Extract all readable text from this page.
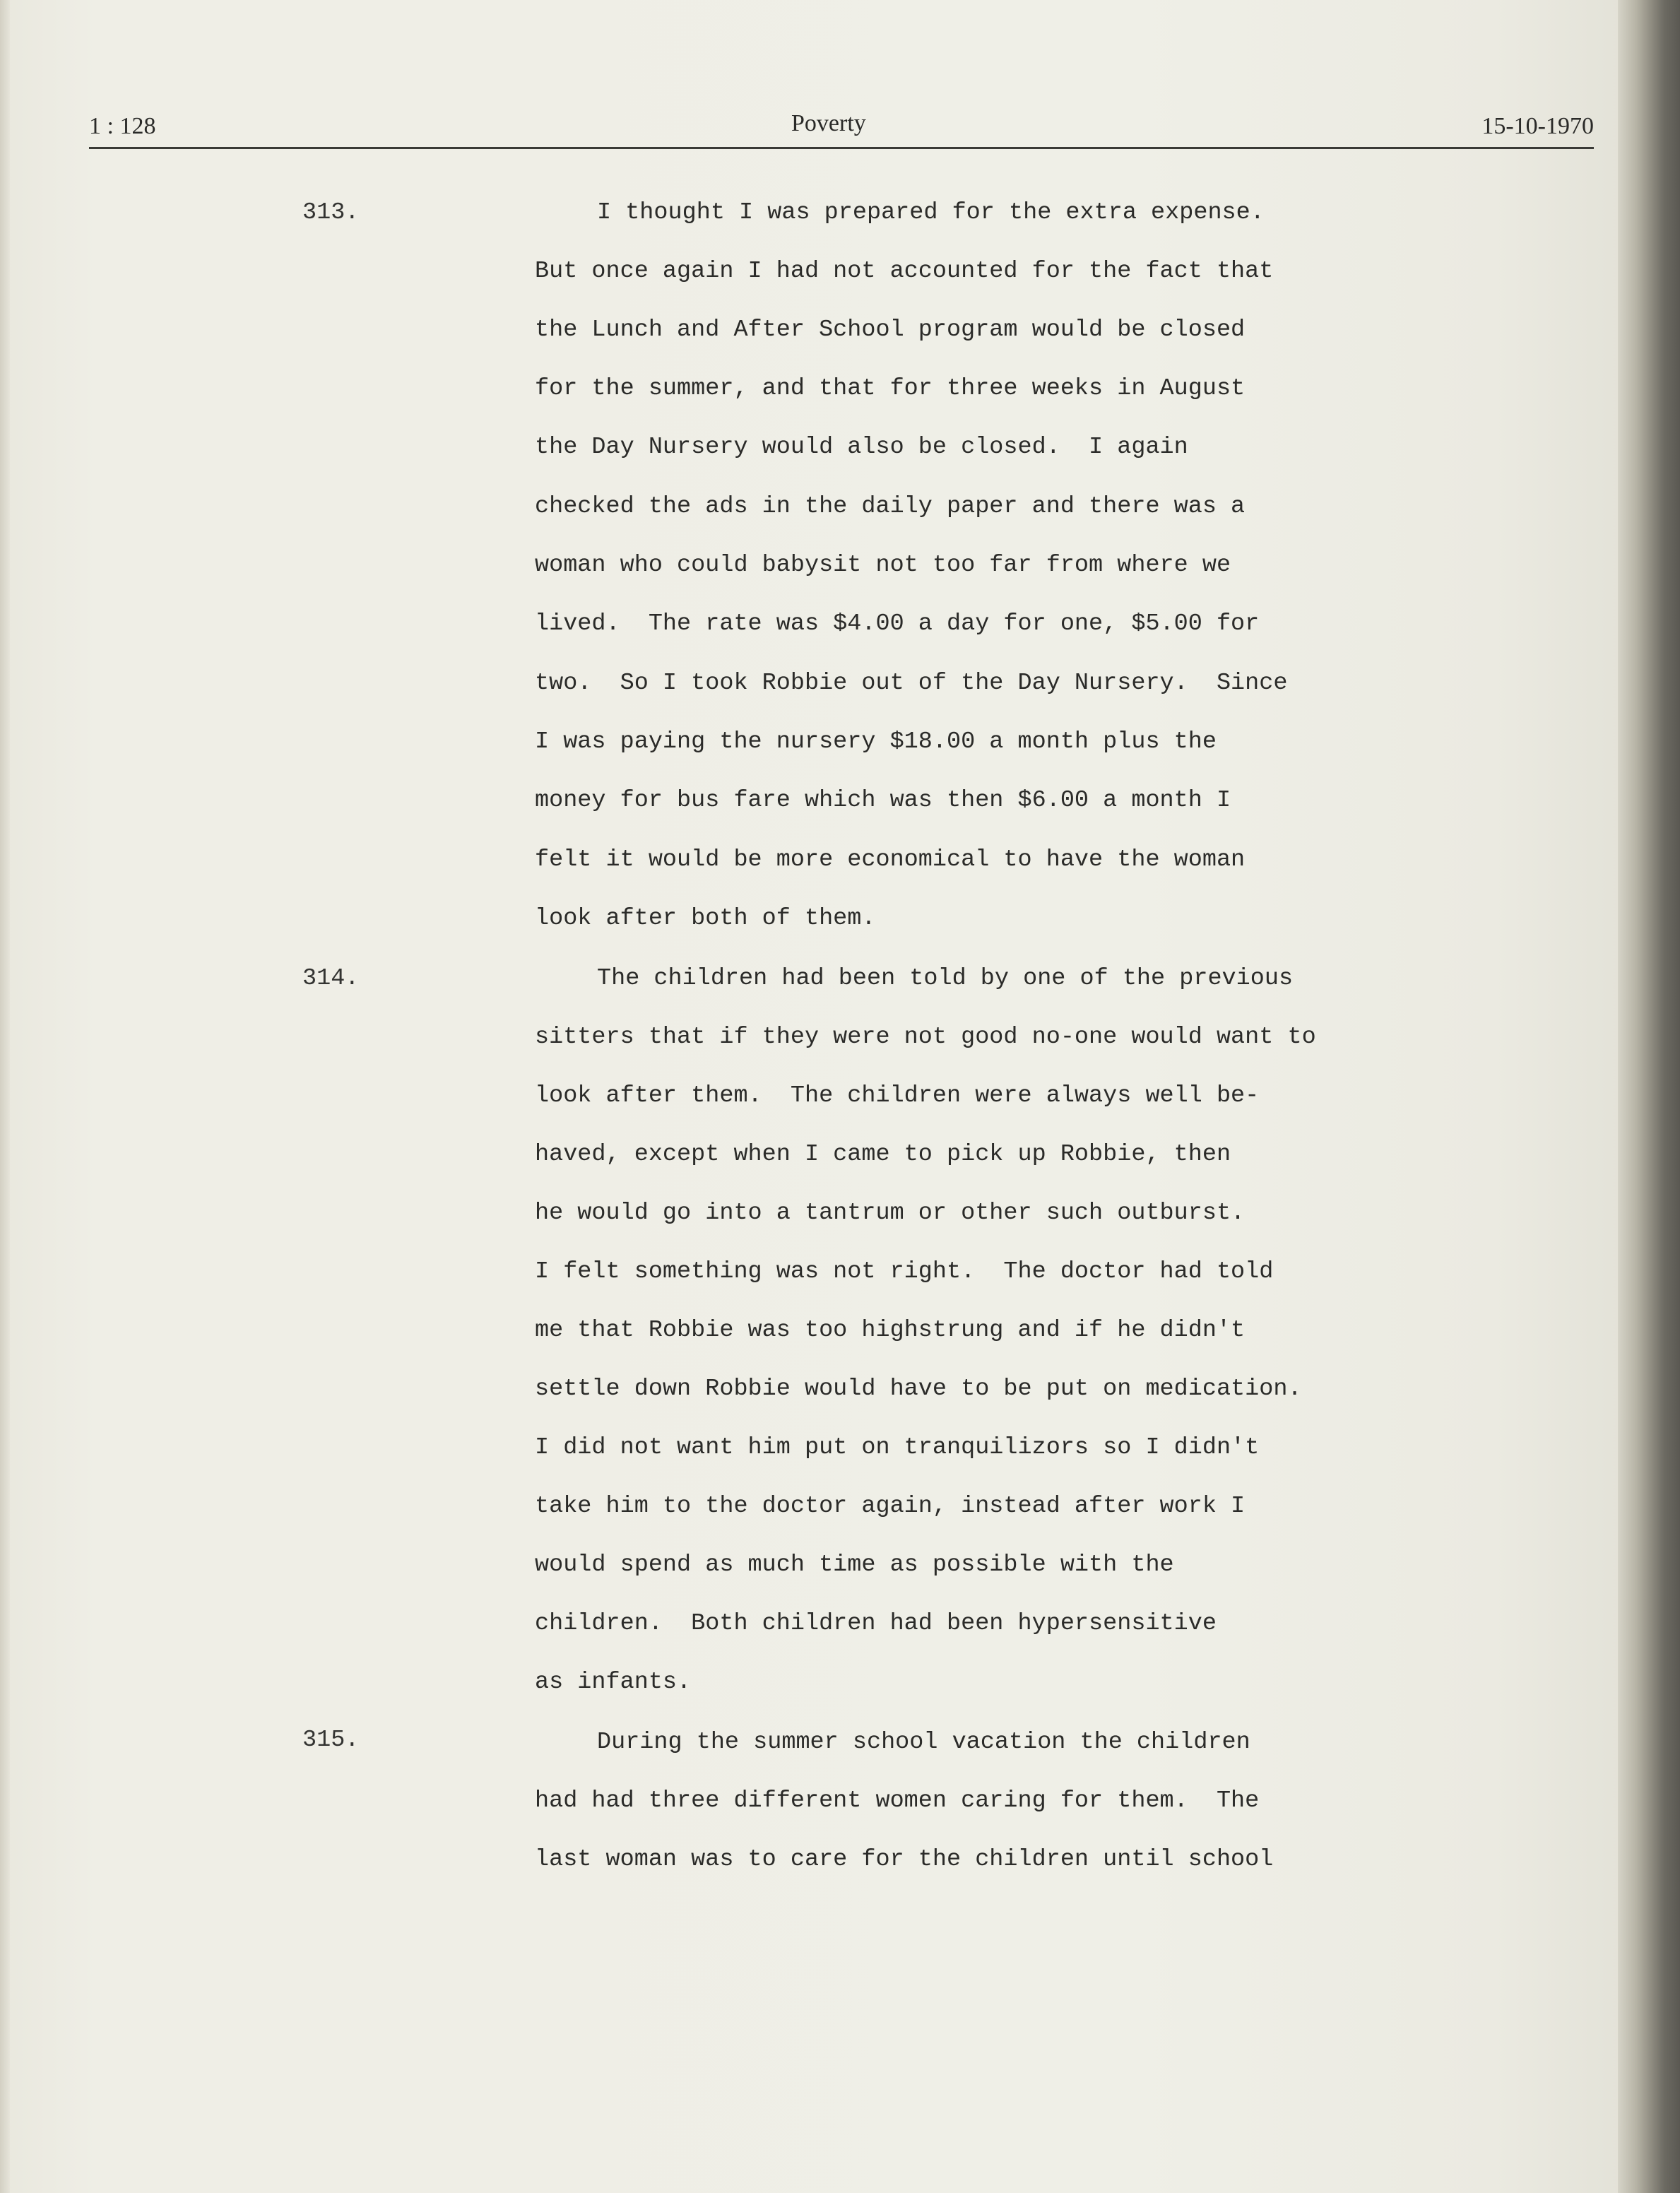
1 : 128	Poverty	15-10-1970
313.	I thought I was prepared for the extra expense.
But once again I had not accounted for the fact that
the Lunch and After School program would be closed
for the summer, and that for three weeks in August
the Day Nursery would also be closed.  I again
checked the ads in the daily paper and there was a
woman who could babysit not too far from where we
lived.  The rate was $4.00 a day for one, $5.00 for
two.  So I took Robbie out of the Day Nursery.  Since
I was paying the nursery $18.00 a month plus the
money for bus fare which was then $6.00 a month I
felt it would be more economical to have the woman
look after both of them.
314.	The children had been told by one of the previous
sitters that if they were not good no-one would want to
look after them.  The children were always well be-
haved, except when I came to pick up Robbie, then
he would go into a tantrum or other such outburst.
I felt something was not right.  The doctor had told
me that Robbie was too highstrung and if he didn't
settle down Robbie would have to be put on medication.
I did not want him put on tranquilizors so I didn't
take him to the doctor again, instead after work I
would spend as much time as possible with the
children.  Both children had been hypersensitive
as infants.
315.	During the summer school vacation the children
had had three different women caring for them.  The
last woman was to care for the children until school
